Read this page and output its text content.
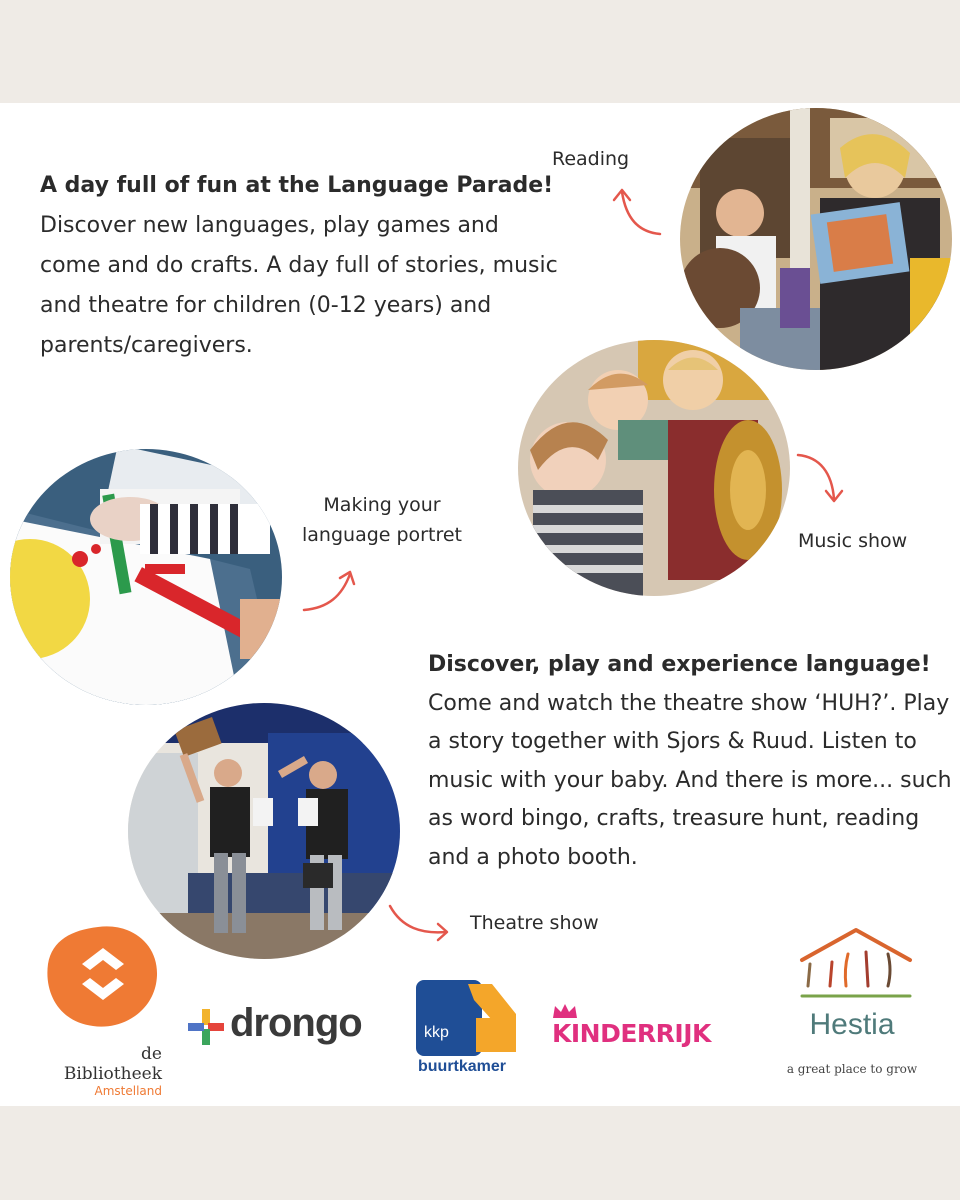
A day full of fun at the Language Parade!

Discover new languages, play games and come and do crafts. A day full of stories, music and theatre for children (0-12 years) and parents/caregivers.

Reading
Music show
Making your
language portret

Discover, play and experience language!

Come and watch the theatre show ‘HUH?’. Play a story together with Sjors & Ruud. Listen to music with your baby. And there is more... such as word bingo, crafts, treasure hunt, reading and a photo booth.

Theatre show
de Bibliotheek
Amstelland
drongo	kkp
buurtkamer
KINDERRIJK	Hestia
a great place to grow
